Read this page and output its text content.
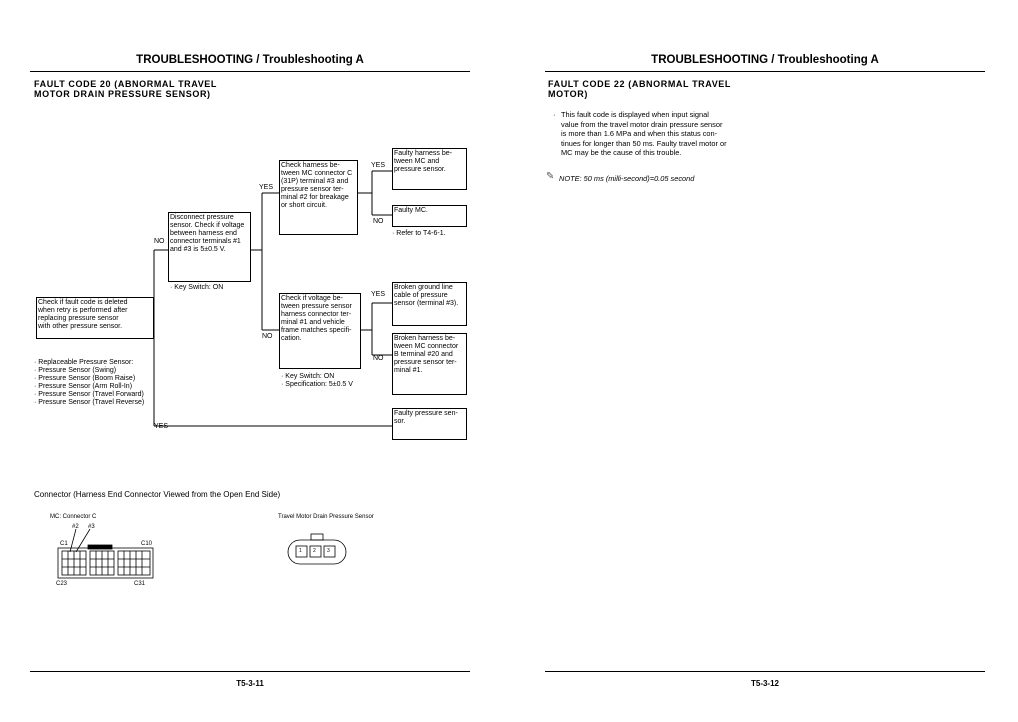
TROUBLESHOOTING / Troubleshooting A
FAULT CODE 20 (ABNORMAL TRAVEL
MOTOR DRAIN PRESSURE SENSOR)
Check if fault code is deleted
when retry is performed after
replacing pressure sensor
with other pressure sensor.
· Replaceable Pressure Sensor:
· Pressure Sensor (Swing)
· Pressure Sensor (Boom Raise)
· Pressure Sensor (Arm Roll-In)
· Pressure Sensor (Travel Forward)
· Pressure Sensor (Travel Reverse)
Disconnect pressure
sensor. Check if voltage
between harness end
connector terminals #1
and #3 is 5±0.5 V.
· Key Switch: ON
Check harness be-
tween MC connector C
(31P) terminal #3 and
pressure sensor ter-
minal #2 for breakage
or short circuit.
Check if voltage be-
tween pressure sensor
harness connector ter-
minal #1 and vehicle
frame matches specifi-
cation.
· Key Switch: ON
· Specification: 5±0.5 V
Faulty harness be-
tween MC and
pressure sensor.
Faulty MC.
· Refer to T4-6-1.
Broken ground line
cable of pressure
sensor (terminal #3).
Broken harness be-
tween MC connector
B terminal #20 and
pressure sensor ter-
minal #1.
Faulty pressure sen-
sor.
NO
YES
YES
NO
YES
NO
YES
NO
Connector (Harness End Connector Viewed from the Open End Side)
MC: Connector C
#2 #3
C1	C10
C23	C31
Travel Motor Drain Pressure Sensor
1 2 3
T5-3-11
TROUBLESHOOTING / Troubleshooting A
FAULT CODE 22 (ABNORMAL TRAVEL
MOTOR)
· This fault code is displayed when input signal
value from the travel motor drain pressure sensor
is more than 1.6 MPa and when this status con-
tinues for longer than 50 ms. Faulty travel motor or
MC may be the cause of this trouble.
✎ NOTE: 50 ms (milli-second)=0.05 second
T5-3-12
